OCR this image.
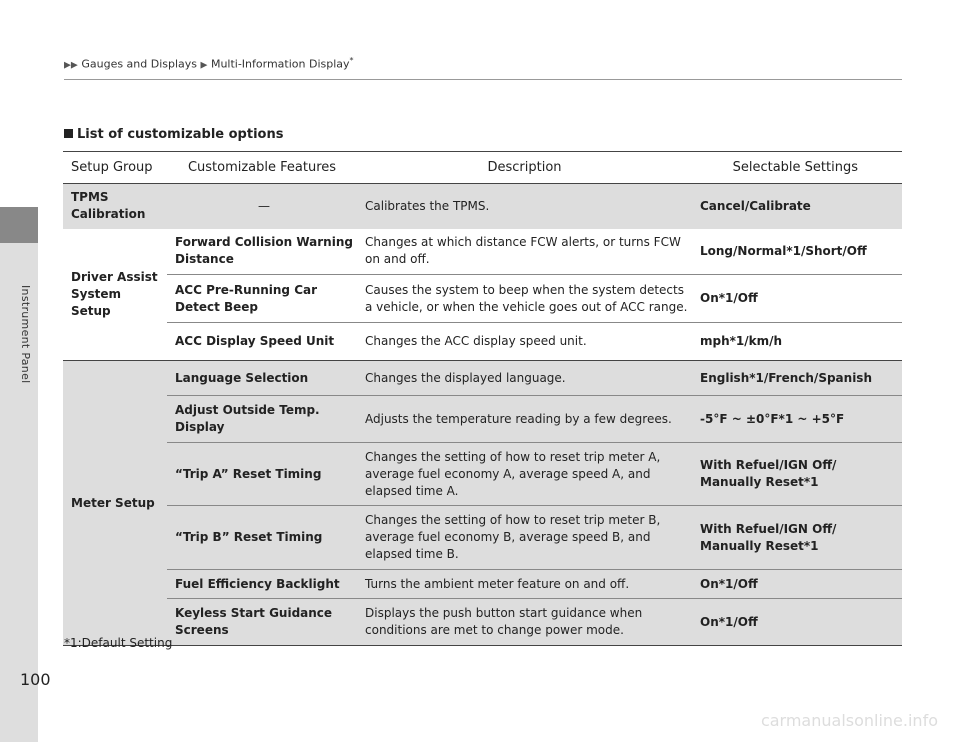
Instrument Panel
▶▶ Gauges and Displays ▶ Multi-Information Display*
List of customizable options
Setup Group	Customizable Features	Description	Selectable Settings
TPMS Calibration	—	Calibrates the TPMS.	Cancel/Calibrate
Driver Assist System Setup	Forward Collision Warning Distance	Changes at which distance FCW alerts, or turns FCW on and off.	Long/Normal*1/Short/Off
	ACC Pre-Running Car Detect Beep	Causes the system to beep when the system detects a vehicle, or when the vehicle goes out of ACC range.	On*1/Off
	ACC Display Speed Unit	Changes the ACC display speed unit.	mph*1/km/h
Meter Setup	Language Selection	Changes the displayed language.	English*1/French/Spanish
	Adjust Outside Temp. Display	Adjusts the temperature reading by a few degrees.	-5°F ~ ±0°F*1 ~ +5°F
	“Trip A” Reset Timing	Changes the setting of how to reset trip meter A, average fuel economy A, average speed A, and elapsed time A.	With Refuel/IGN Off/ Manually Reset*1
	“Trip B” Reset Timing	Changes the setting of how to reset trip meter B, average fuel economy B, average speed B, and elapsed time B.	With Refuel/IGN Off/ Manually Reset*1
	Fuel Efficiency Backlight	Turns the ambient meter feature on and off.	On*1/Off
	Keyless Start Guidance Screens	Displays the push button start guidance when conditions are met to change power mode.	On*1/Off
*1:Default Setting
100
carmanualsonline.info
